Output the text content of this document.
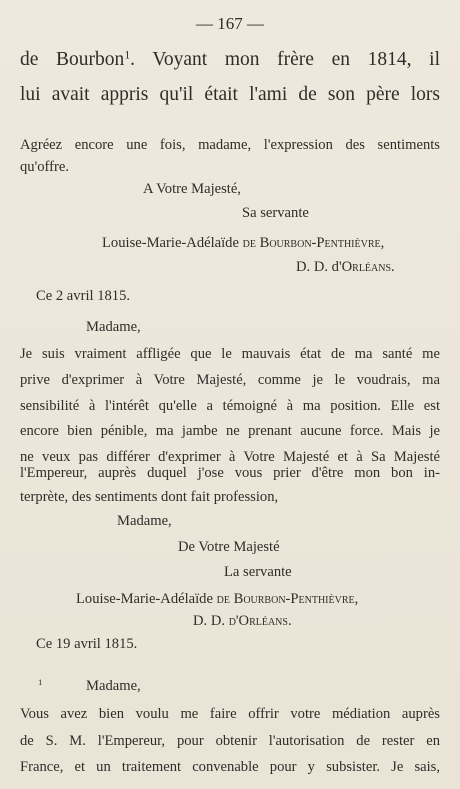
— 167 —
de Bourbon$^1$. Voyant mon frère en 1814, il
lui avait appris qu'il était l'ami de son père lors
Agréez encore une fois, madame, l'expression des sentiments
qu'offre.
A Votre Majesté,
Sa servante
Louise-Marie-Adélaïde de Bourbon-Penthièvre,
D. D. d'Orléans.
Ce 2 avril 1815.
Madame,
Je suis vraiment affligée que le mauvais état de ma santé me
prive d'exprimer à Votre Majesté, comme je le voudrais, ma
sensibilité à l'intérêt qu'elle a témoigné à ma position. Elle est
encore bien pénible, ma jambe ne prenant aucune force. Mais je
ne veux pas différer d'exprimer à Votre Majesté et à Sa Majesté
l'Empereur, auprès duquel j'ose vous prier d'être mon bon in-
terprète, des sentiments dont fait profession,
Madame,
De Votre Majesté
La servante
Louise-Marie-Adélaïde de Bourbon-Penthièvre,
D. D. d'Orléans.
Ce 19 avril 1815.
$^1$	Madame,
Vous avez bien voulu me faire offrir votre médiation auprès
de S. M. l'Empereur, pour obtenir l'autorisation de rester en
France, et un traitement convenable pour y subsister. Je sais,
